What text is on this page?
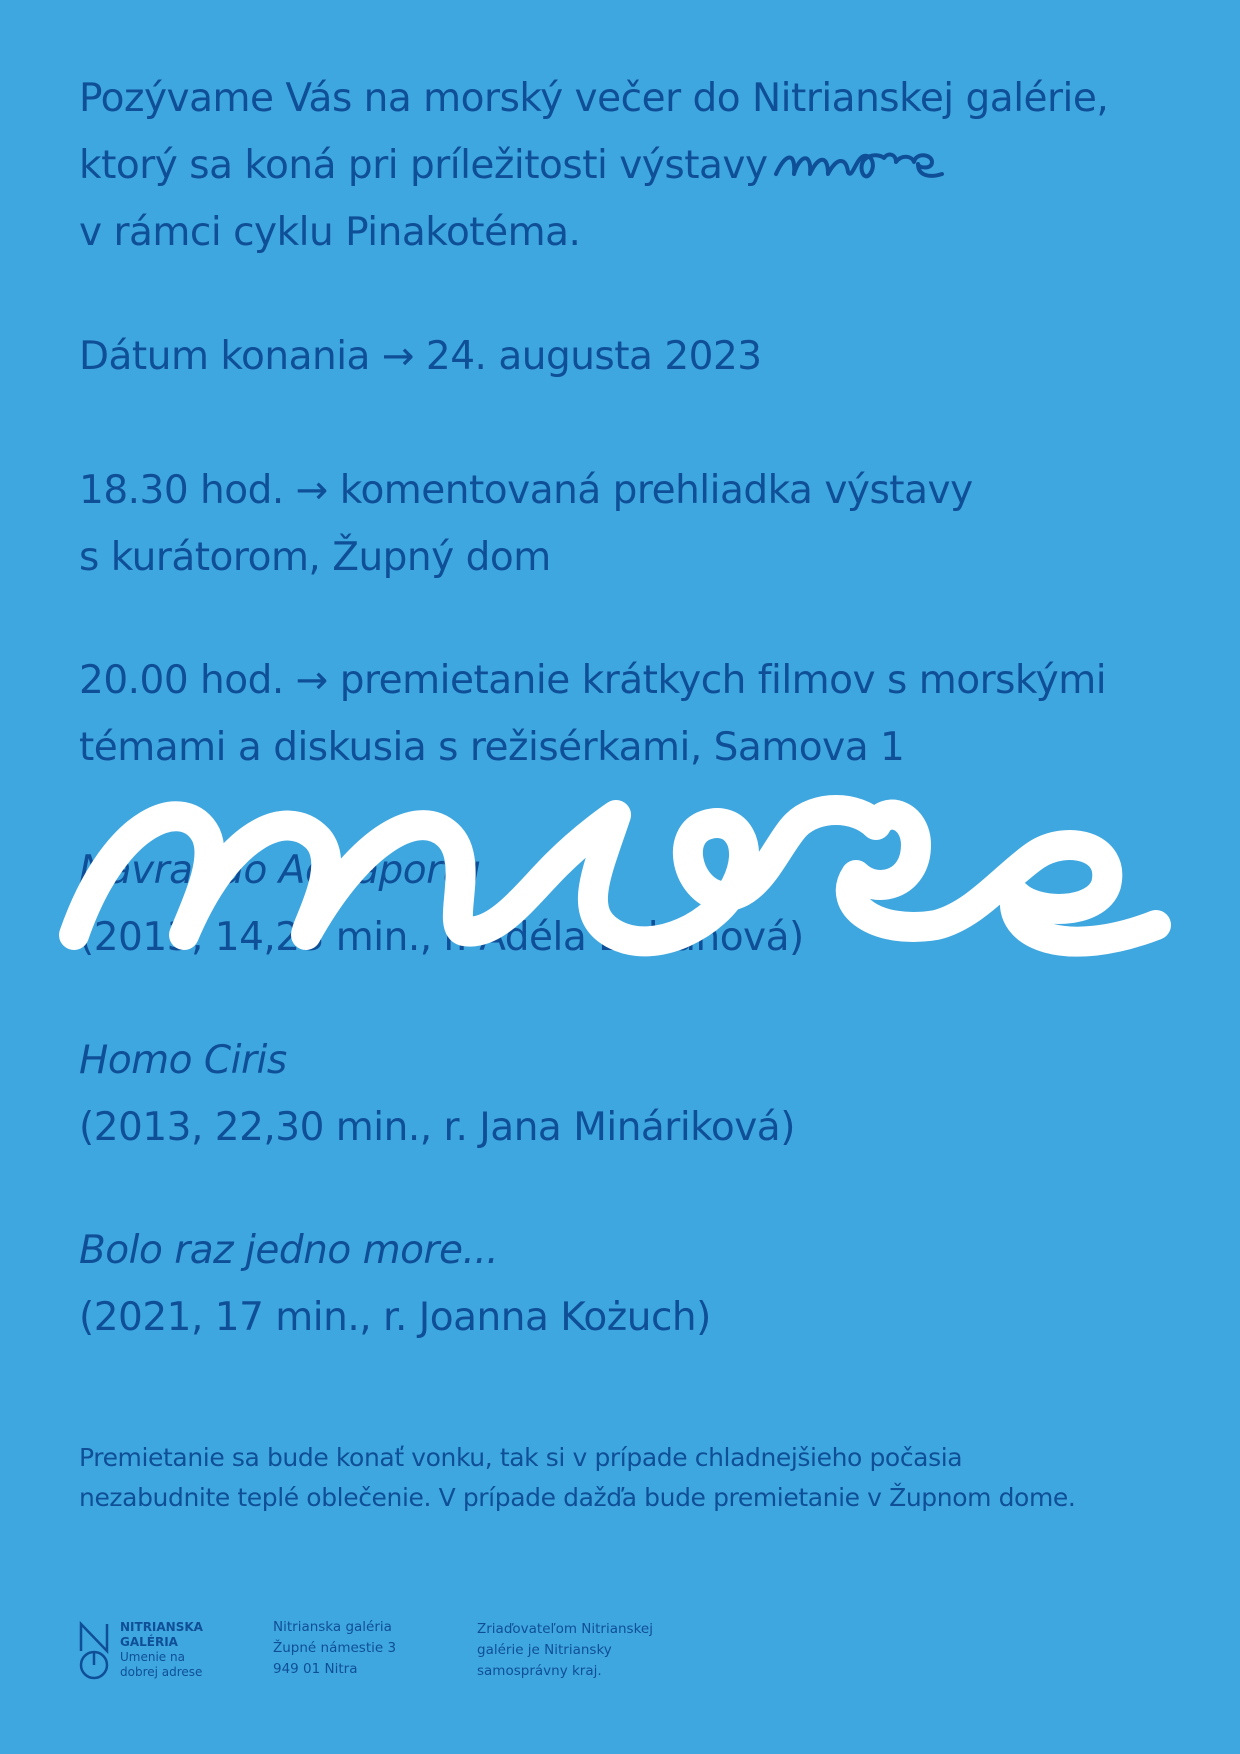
Pozývame Vás na morský večer do Nitrianskej galérie,

ktorý sa koná pri príležitosti výstavy

v rámci cyklu Pinakotéma.

Dátum konania → 24. augusta 2023

18.30 hod. → komentovaná prehliadka výstavy

s kurátorom, Župný dom

20.00 hod. → premietanie krátkych filmov s morskými

témami a diskusia s režisérkami, Samova 1

Návrat do Adriaportu

(2013, 14,23 min., r. Adéla Babanová)

Homo Ciris

(2013, 22,30 min., r. Jana Mináriková)

Bolo raz jedno more...

(2021, 17 min., r. Joanna Kożuch)

Premietanie sa bude konať vonku, tak si v prípade chladnejšieho počasia
nezabudnite teplé oblečenie. V prípade dažďa bude premietanie v Župnom dome.

NITRIANSKA
GALÉRIA
Umenie na
dobrej adrese
Nitrianska galéria
Župné námestie 3
949 01 Nitra
Zriaďovateľom Nitrianskej
galérie je Nitriansky
samosprávny kraj.
